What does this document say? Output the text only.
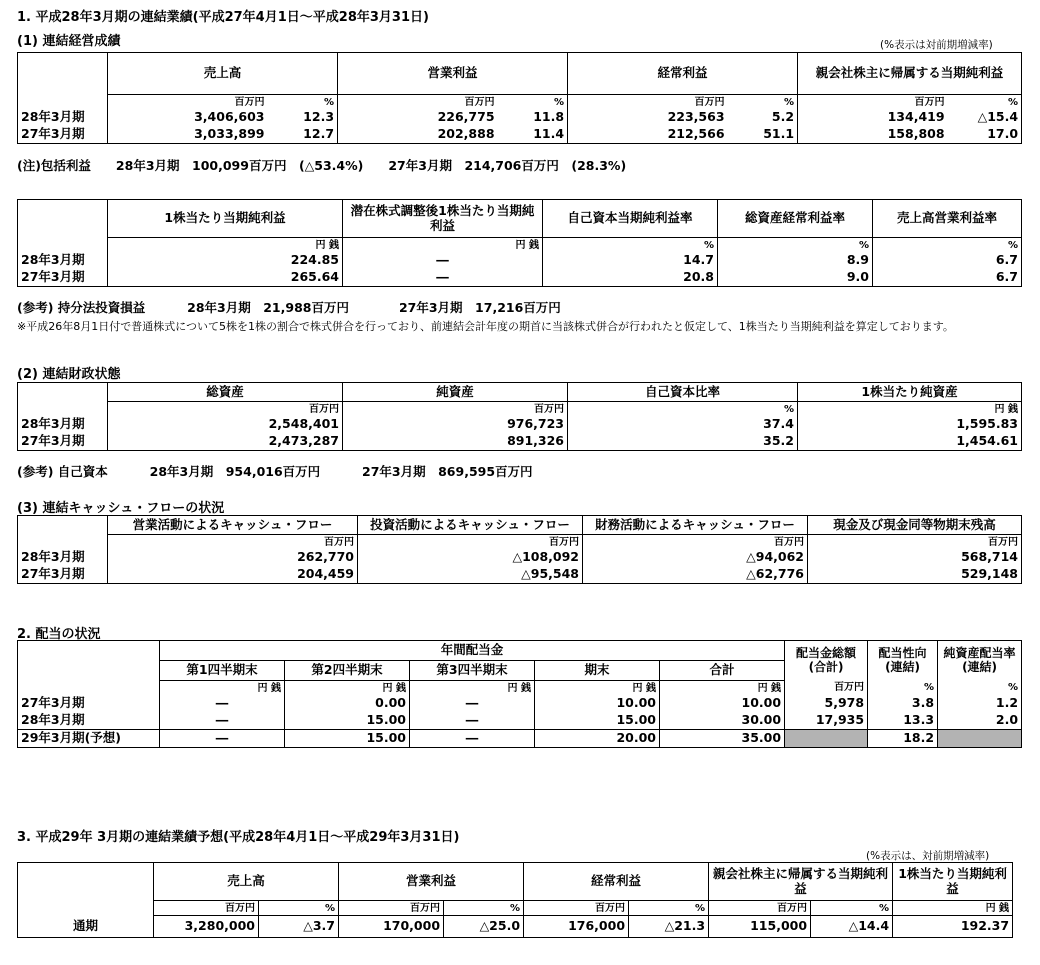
1. 平成28年3月期の連結業績(平成27年4月1日～平成28年3月31日)
(1) 連結経営成績	(%表示は対前期増減率)
	売上高		営業利益		経常利益		親会社株主に帰属する当期純利益	
	百万円	%	百万円	%	百万円	%	百万円	%
28年3月期	3,406,603	12.3	226,775	11.8	223,563	5.2	134,419	△15.4
27年3月期	3,033,899	12.7	202,888	11.4	212,566	51.1	158,808	17.0
(注)包括利益　　28年3月期　100,099百万円　(△53.4%)　　27年3月期　214,706百万円　(28.3%)
	1株当たり当期純利益	潜在株式調整後1株当たり当期純利益	自己資本当期純利益率	総資産経常利益率	売上高営業利益率
	円 銭	円 銭	%	%	%
28年3月期	224.85	―	14.7	8.9	6.7
27年3月期	265.64	―	20.8	9.0	6.7
(参考) 持分法投資損益　　　 28年3月期　21,988百万円　　　　27年3月期　17,216百万円
※平成26年8月1日付で普通株式について5株を1株の割合で株式併合を行っており、前連結会計年度の期首に当該株式併合が行われたと仮定して、1株当たり当期純利益を算定しております。
(2) 連結財政状態
	総資産	純資産	自己資本比率	1株当たり純資産
	百万円	百万円	%	円 銭
28年3月期	2,548,401	976,723	37.4	1,595.83
27年3月期	2,473,287	891,326	35.2	1,454.61
(参考) 自己資本　　　 28年3月期　954,016百万円　　　 27年3月期　869,595百万円
(3) 連結キャッシュ・フローの状況
	営業活動によるキャッシュ・フロー	投資活動によるキャッシュ・フロー	財務活動によるキャッシュ・フロー	現金及び現金同等物期末残高
	百万円	百万円	百万円	百万円
28年3月期	262,770	△108,092	△94,062	568,714
27年3月期	204,459	△95,548	△62,776	529,148
2. 配当の状況
	年間配当金					配当金総額(合計)	配当性向(連結)	純資産配当率(連結)
	第1四半期末	第2四半期末	第3四半期末	期末	合計			
	円 銭	円 銭	円 銭	円 銭	円 銭	百万円	%	%
27年3月期	―	0.00	―	10.00	10.00	5,978	3.8	1.2
28年3月期	―	15.00	―	15.00	30.00	17,935	13.3	2.0
29年3月期(予想)	―	15.00	―	20.00	35.00		18.2	
3. 平成29年 3月期の連結業績予想(平成28年4月1日～平成29年3月31日)
(%表示は、対前期増減率)
	売上高		営業利益		経常利益		親会社株主に帰属する当期純利益		1株当たり当期純利益
	百万円	%	百万円	%	百万円	%	百万円	%	円 銭
通期	3,280,000	△3.7	170,000	△25.0	176,000	△21.3	115,000	△14.4	192.37
